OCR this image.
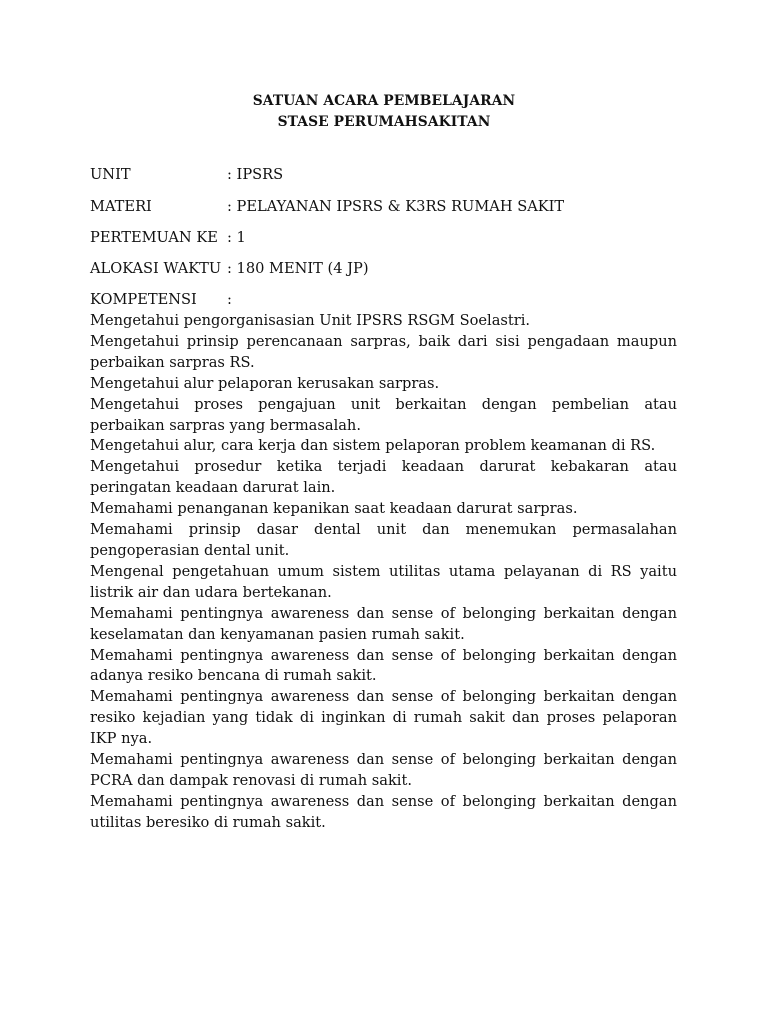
SATUAN ACARA PEMBELAJARAN
STASE PERUMAHSAKITAN
UNIT	: IPSRS
MATERI	: PELAYANAN IPSRS & K3RS RUMAH SAKIT
PERTEMUAN KE : 1
ALOKASI WAKTU : 180 MENIT (4 JP)
KOMPETENSI :
Mengetahui pengorganisasian Unit IPSRS RSGM Soelastri.
Mengetahui prinsip perencanaan sarpras, baik dari sisi pengadaan maupun perbaikan sarpras RS.
Mengetahui alur pelaporan kerusakan sarpras.
Mengetahui proses pengajuan unit berkaitan dengan pembelian atau perbaikan sarpras yang bermasalah.
Mengetahui alur, cara kerja dan sistem pelaporan problem keamanan di RS.
Mengetahui prosedur ketika terjadi keadaan darurat kebakaran atau peringatan keadaan darurat lain.
Memahami penanganan kepanikan saat keadaan darurat sarpras.
Memahami prinsip dasar dental unit dan menemukan permasalahan pengoperasian dental unit.
Mengenal pengetahuan umum sistem utilitas utama pelayanan di RS yaitu listrik air dan udara bertekanan.
Memahami pentingnya awareness dan sense of belonging berkaitan dengan keselamatan dan kenyamanan pasien rumah sakit.
Memahami pentingnya awareness dan sense of belonging berkaitan dengan adanya resiko bencana di rumah sakit.
Memahami pentingnya awareness dan sense of belonging berkaitan dengan resiko kejadian yang tidak di inginkan di rumah sakit dan proses pelaporan IKP nya.
Memahami pentingnya awareness dan sense of belonging berkaitan dengan PCRA dan dampak renovasi di rumah sakit.
Memahami pentingnya awareness dan sense of belonging berkaitan dengan utilitas beresiko di rumah sakit.
